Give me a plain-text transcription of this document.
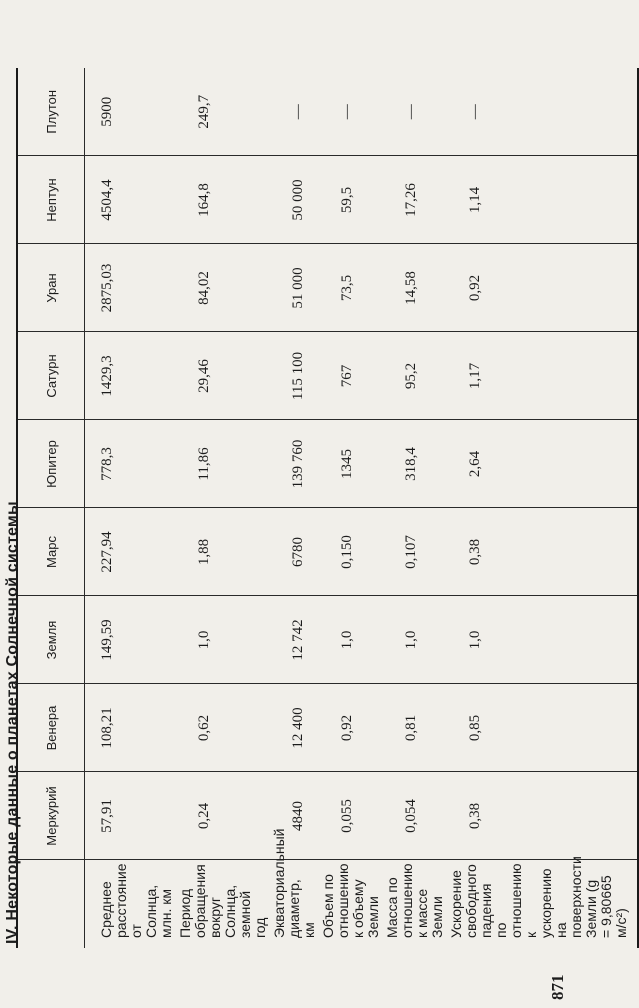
IV. Некоторые данные о планетах Солнечной системы
	Меркурий	Венера	Земля	Марс	Юпитер	Сатурн	Уран	Нептун	Плутон
Среднее расстояние от Солнца, млн. км	57,91	108,21	149,59	227,94	778,3	1429,3	2875,03	4504,4	5900
Период обращения вокруг Солнца, земной год	0,24	0,62	1,0	1,88	11,86	29,46	84,02	164,8	249,7
Экваториальный диаметр, км	4840	12 400	12 742	6780	139 760	115 100	51 000	50 000	—
Объем по отношению к объему Земли	0,055	0,92	1,0	0,150	1345	767	73,5	59,5	—
Масса по отношению к массе Земли	0,054	0,81	1,0	0,107	318,4	95,2	14,58	17,26	—
Ускорение свободного падения по отношению к ускорению на поверхности Земли (g = 9,80665 м/с²)	0,38	0,85	1,0	0,38	2,64	1,17	0,92	1,14	—
871
